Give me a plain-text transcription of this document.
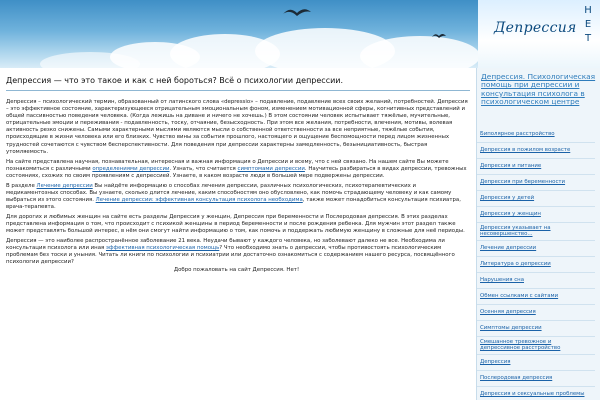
Депрессия
Н
Е
Т
Депрессия — что это такое и как с ней бороться? Всё о психологии депрессии.
Депрессия – психологический термин, образованный от латинского слова «depressio» – подавление, подавление всех своих желаний, потребностей. Депрессия – это эффективное состояние, характеризующееся отрицательным эмоциональным фоном, изменением мотивационной сферы, когнитивных представлений и общей пассивностью поведения человека. (Когда лежишь на диване и ничего не хочешь.) В этом состоянии человек испытывает тяжёлые, мучительные, отрицательные эмоции и переживания - подавленность, тоску, отчаяние, безысходность. При этом все желания, потребности, влечения, мотивы, волевая активность резко снижены. Самыми характерными мыслями являются мысли о собственной ответственности за все неприятные, тяжёлые события, происходящие в жизни человека или его близких. Чувство вины за события прошлого, настоящего и ощущение беспомощности перед лицом жизненных трудностей сочетаются с чувством бесперспективности. Для поведения при депрессии характерны замедленность, безынициативность, быстрая утомляемость.
На сайте представлена научная, познавательная, интересная и важная информация о Депрессии и всему, что с ней связано. На нашем сайте Вы можете познакомиться с различными определениями депрессии. Узнать, что считается симптомами депрессии. Научитесь разбираться в видах депрессии, тревожных состояниях, схожих по своим проявлениям с депрессией. Узнаете, в каком возрасте люди в большей мере подвержены депрессии.
В разделе Лечение депрессии Вы найдёте информацию о способах лечения депрессии, различных психологических, психотерапевтических и медикаментозных способах. Вы узнаете, сколько длится лечение, каким способностям оно обусловлено, как помочь страдающему человеку и как самому выбраться из этого состояния. Лечение депрессии: эффективная консультация психолога необходима, также может понадобиться консультация психиатра, врача-терапевта.
Для дорогих и любимых женщин на сайте есть разделы Депрессия у женщин, Депрессия при беременности и Послеродовая депрессия. В этих разделах представлена информация о том, что происходит с психикой женщины в период беременности и после рождения ребенка. Для мужчин этот раздел также может представлять большой интерес, в нём они смогут найти информацию о том, как помочь и поддержать любимую женщину в сложные для неё периоды.
Депрессия — это наиболее распространённое заболевание 21 века. Неудачи бывают у каждого человека, но заболевают далеко не все. Необходима ли консультация психолога или иная эффективная психологическая помощь? Что необходимо знать о депрессии, чтобы противостоять психологическим проблемам без тоски и уныния. Читать ли книги по психологии и психиатрии или достаточно ознакомиться с содержанием нашего ресурса, посвящённого психологии депрессии?
Добро пожаловать на сайт Депрессия. Нет!
Депрессия. Психологическая помощь при депрессии и консультация психолога в психологическом центре
Биполярное расстройство
Депрессия в пожилом возрасте
Депрессия и питание
Депрессия при беременности
Депрессия у детей
Депрессия у женщин
Депрессия указывает на несовершенство...
Лечение депрессии
Литература о депрессии
Нарушения сна
Обмен ссылками с сайтами
Осенняя депрессия
Симптомы депрессии
Смешанное тревожное и депрессивное расстройство
Депрессия
Послеродовая депрессия
Депрессия и сексуальные проблемы
